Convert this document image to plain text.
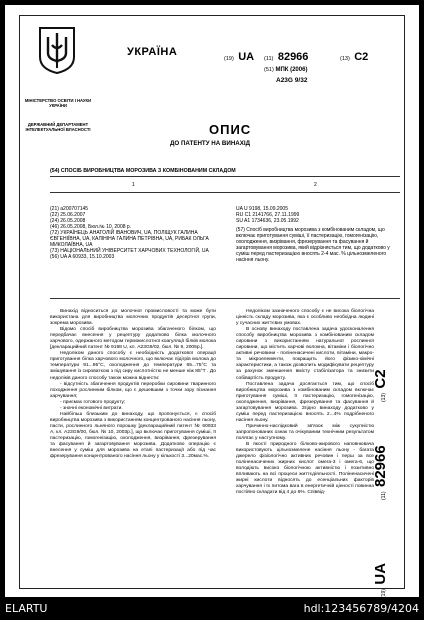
МІНІСТЕРСТВО ОСВІТИ І НАУКИ УКРАЇНИ
ДЕРЖАВНИЙ ДЕПАРТАМЕНТ ІНТЕЛЕКТУАЛЬНОЇ ВЛАСНОСТІ
УКРАЇНА
(19) UA (11) 82966	(13) C2
(51) МПК (2006)
A23G 9/32
ОПИС
ДО ПАТЕНТУ НА ВИНАХІД
(54) СПОСІБ ВИРОБНИЦТВА МОРОЗИВА З КОМБІНОВАНИМ СКЛАДОМ
1	2
(21) a200707145
(22) 25.06.2007
(24) 26.05.2008
(46) 26.05.2008, Бюл.№ 10, 2008 р.
(72) УКРАЇНЕЦЬ АНАТОЛІЙ ІВАНОВИЧ, UA, ПОЛІЩУК ГАЛИНА ЄВГЕНІЇВНА, UA, КАЛІНІНА ГАЛИНА ПЕТРІВНА, UA, РИБАК ОЛЬГА МИКОЛАЇВНА, UA
(73) НАЦІОНАЛЬНИЙ УНІВЕРСИТЕТ ХАРЧОВИХ ТЕХНОЛОГІЙ, UA
(56) UA A 60933, 15.10.2003
UA U 9198, 15.09.2005
RU C1 2141766, 27.11.1999
SU A1 1734636, 23.05.1992
(57) Спосіб виробництва морозива з комбінованим складом, що включає приготування суміші, її пастеризацію, гомогенізацію, охолодження, визрівання, фрезерування та фасування й загартовування морозива, який відрізняється тим, що додатково у суміш перед пастеризацією вносять 2-4 мас. % цільнозмеленого насіння льону.

Винахід відноситься до молочної промисловості та може бути використана для виробництва молочних продуктів десертної групи, зокрема морозива.

Відомо спосіб виробництва морозива збагаченого білком, що передбачає внесення у рецептуру додатково білка молочного харчового, одержаного методом термокислотної коагуляції білків молока [декларацийний патент № 9198 U, кл. A23G9/02, бюл. № 9, 2005р.].

Недоліком даного способу є необхідність додаткової операції приготування білка харчового молочного, що включає підігрів молока до температури 91...95°С, охолодження до температури 65...75°С та змішування із сироваткою з під сиру кислотністю не менше ніж 85°Т . До недоліків даного способу також можна віднести:

- відсутність збагачення продуктів переробки сировини тваринного походження рослинним білком, що є дешевшим з точки зору пізнання харчування;

- приємах готового продукту;

- значні економічні витрати.

Найбільш близьким до винаходу, що пропонується, є спосіб виробництва морозива з використанням концентрованого насіння льону, пасти, рослинного льняного порошку [декларацийний патент № 60933 A, кл. A23G9/00, бюл. № 10, 2003р.], що включає приготування суміші, її пастеризацію, гомогенізацію, охолодження, визрівання, фрезерування та фасування й загартовування морозива. Додатково операцію є внесення у суміш для морозива на етапі пастеризації або під час фрезерування концентрованого насіння льону у кількості 3...20мас.%.

Недоліком зазначеного способу є не висока біологічна цінність складу морозива, яка є особливо необхідна людині у сучасних життєвих умовах.

В основу винаходу поставлена задача удосконалення способу виробництва морозива з комбінованим складом сировини з використанням натуральної рослинної сировини, що містить харчові волокна, вітаміни і біологічно активні речовини - поліненасичені кислоти, вітаміни, макро- та мікроелементи, покращить його фізико-хімічні характеристики, а також дозволить модифікувати рецептуру за рахунок зменшення вмісту стабілізатора та знизити собівартість продукту.

Поставлена задача досягається тим, що спосіб виробництва морозива з комбінованим складом включає приготування суміші, її пастеризацію, гомогенізацію, охолодження, визрівання, фрезерування та фасування й загартовування морозива. Згідно винаходу додатково у суміш перед пастеризацією вносять 2...4% подрібненого насіння льону.

Причинно-наслідковий зв'язок між сукупністю запропонованих ознак та очікуваним технічним результатом полягає у наступному.

В якості природного білково-жирового наповнювача використовують цільнозмелене насіння льону - багата джерело фізіологічно активних речовин і перш за все поліненасичених жирних кислот омега-3 і омега-6, що володіють високо біологічною активністю і позитивно впливають на всі процеси життєдіяльності. Поліненасичені жирні кислоти відносять до есенціальних факторів харчування і їх питома вага в енергетичній цінності повинна постійно складати від 4 до 6%. Співвід-

(19) UA
(11) 82966
(13) C2
ELARTU	hdl:123456789/4204
